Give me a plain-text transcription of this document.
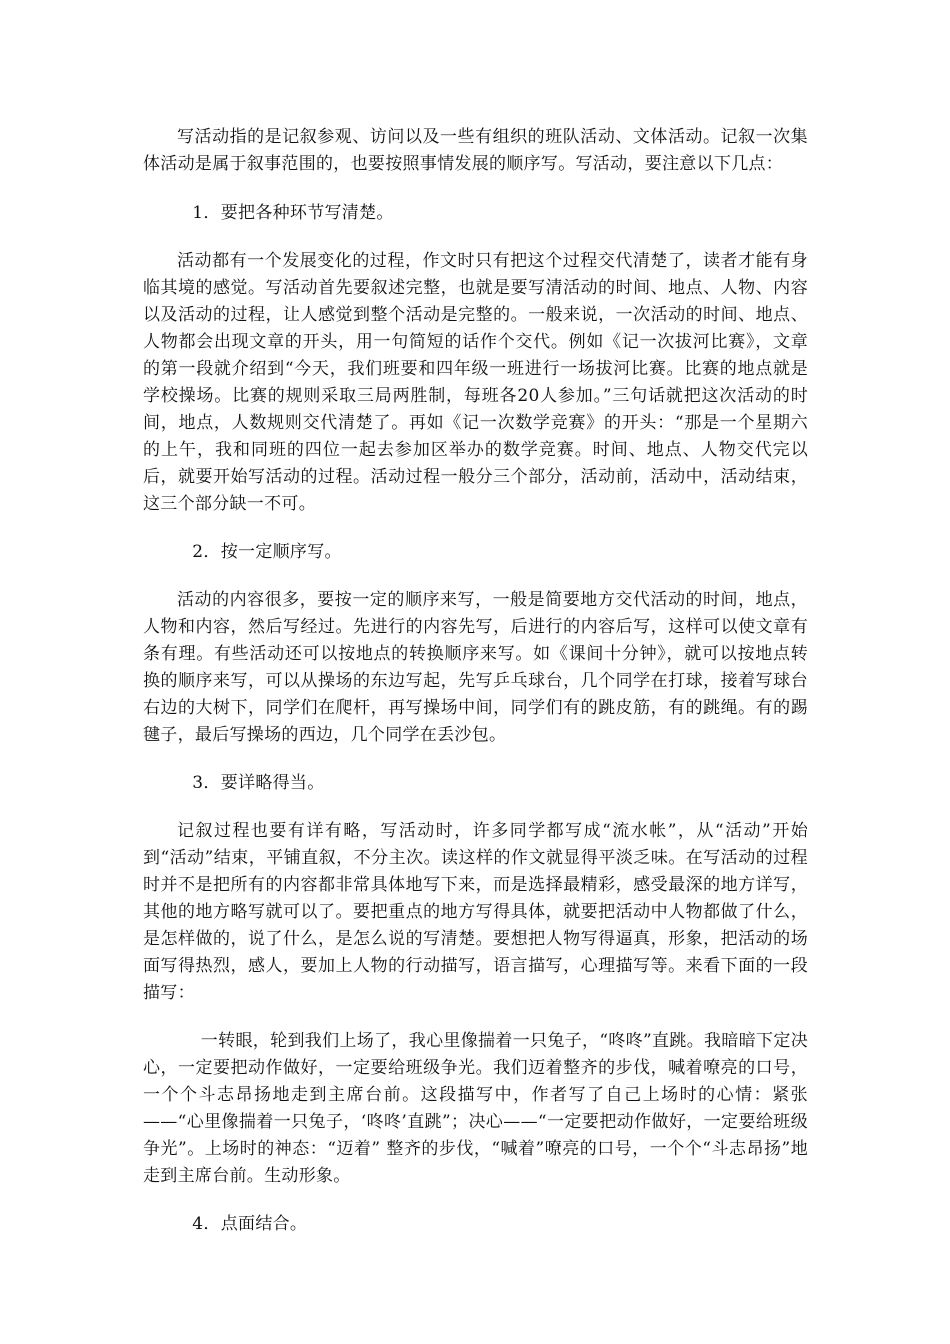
写活动指的是记叙参观、访问以及一些有组织的班队活动、文体活动。记叙一次集体活动是属于叙事范围的，也要按照事情发展的顺序写。写活动，要注意以下几点：

1．要把各种环节写清楚。

活动都有一个发展变化的过程，作文时只有把这个过程交代清楚了，读者才能有身临其境的感觉。写活动首先要叙述完整，也就是要写清活动的时间、地点、人物、内容以及活动的过程，让人感觉到整个活动是完整的。一般来说，一次活动的时间、地点、人物都会出现文章的开头，用一句简短的话作个交代。例如《记一次拔河比赛》，文章的第一段就介绍到“今天，我们班要和四年级一班进行一场拔河比赛。比赛的地点就是学校操场。比赛的规则采取三局两胜制，每班各20人参加。”三句话就把这次活动的时间，地点，人数规则交代清楚了。再如《记一次数学竞赛》的开头：“那是一个星期六的上午，我和同班的四位一起去参加区举办的数学竞赛。时间、地点、人物交代完以后，就要开始写活动的过程。活动过程一般分三个部分，活动前，活动中，活动结束，这三个部分缺一不可。

2．按一定顺序写。

活动的内容很多，要按一定的顺序来写，一般是简要地方交代活动的时间，地点，人物和内容，然后写经过。先进行的内容先写，后进行的内容后写，这样可以使文章有条有理。有些活动还可以按地点的转换顺序来写。如《课间十分钟》，就可以按地点转换的顺序来写，可以从操场的东边写起，先写乒乓球台，几个同学在打球，接着写球台右边的大树下，同学们在爬杆，再写操场中间，同学们有的跳皮筋，有的跳绳。有的踢毽子，最后写操场的西边，几个同学在丢沙包。

3．要详略得当。

记叙过程也要有详有略，写活动时，许多同学都写成“流水帐”，从“活动”开始到“活动”结束，平铺直叙，不分主次。读这样的作文就显得平淡乏味。在写活动的过程时并不是把所有的内容都非常具体地写下来，而是选择最精彩，感受最深的地方详写，其他的地方略写就可以了。要把重点的地方写得具体，就要把活动中人物都做了什么，是怎样做的，说了什么，是怎么说的写清楚。要想把人物写得逼真，形象，把活动的场面写得热烈，感人，要加上人物的行动描写，语言描写，心理描写等。来看下面的一段描写：

一转眼，轮到我们上场了，我心里像揣着一只兔子，“咚咚”直跳。我暗暗下定决心，一定要把动作做好，一定要给班级争光。我们迈着整齐的步伐，喊着嘹亮的口号，一个个斗志昂扬地走到主席台前。这段描写中，作者写了自己上场时的心情：紧张——“心里像揣着一只兔子，‘咚咚’直跳”；决心——“一定要把动作做好，一定要给班级争光”。上场时的神态：“迈着” 整齐的步伐，“喊着”嘹亮的口号，一个个“斗志昂扬”地走到主席台前。生动形象。

4．点面结合。
